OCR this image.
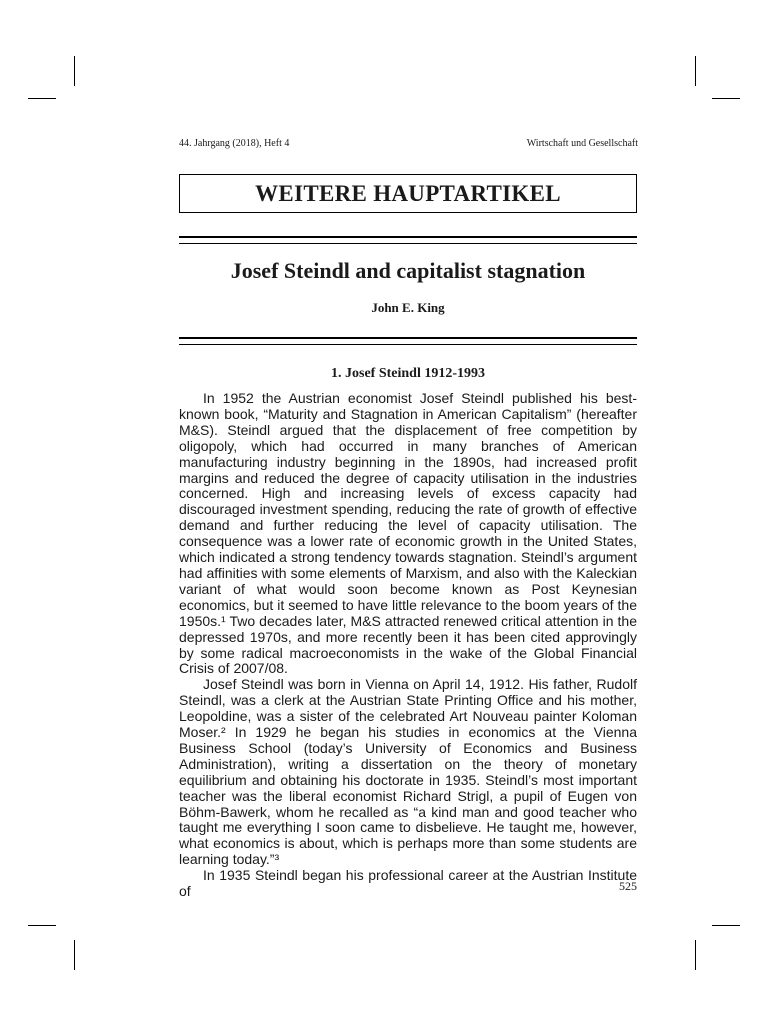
44. Jahrgang (2018), Heft 4	Wirtschaft und Gesellschaft
WEITERE HAUPTARTIKEL
Josef Steindl and capitalist stagnation
John E. King
1. Josef Steindl 1912-1993

In 1952 the Austrian economist Josef Steindl published his best-known book, “Maturity and Stagnation in American Capitalism” (hereafter M&S). Steindl argued that the displacement of free competition by oligopoly, which had occurred in many branches of American manufacturing industry beginning in the 1890s, had increased profit margins and reduced the degree of capacity utilisation in the industries concerned. High and increasing levels of excess capacity had discouraged investment spending, reducing the rate of growth of effective demand and further reducing the level of capacity utilisation. The consequence was a lower rate of economic growth in the United States, which indicated a strong tendency towards stagnation. Steindl’s argument had affinities with some elements of Marxism, and also with the Kaleckian variant of what would soon become known as Post Keynesian economics, but it seemed to have little relevance to the boom years of the 1950s.¹ Two decades later, M&S attracted renewed critical attention in the depressed 1970s, and more recently been it has been cited approvingly by some radical macroeconomists in the wake of the Global Financial Crisis of 2007/08.

Josef Steindl was born in Vienna on April 14, 1912. His father, Rudolf Steindl, was a clerk at the Austrian State Printing Office and his mother, Leopoldine, was a sister of the celebrated Art Nouveau painter Koloman Moser.² In 1929 he began his studies in economics at the Vienna Business School (today’s University of Economics and Business Administration), writing a dissertation on the theory of monetary equilibrium and obtaining his doctorate in 1935. Steindl’s most important teacher was the liberal economist Richard Strigl, a pupil of Eugen von Böhm-Bawerk, whom he recalled as “a kind man and good teacher who taught me everything I soon came to disbelieve. He taught me, however, what economics is about, which is perhaps more than some students are learning today.”³

In 1935 Steindl began his professional career at the Austrian Institute of	525
